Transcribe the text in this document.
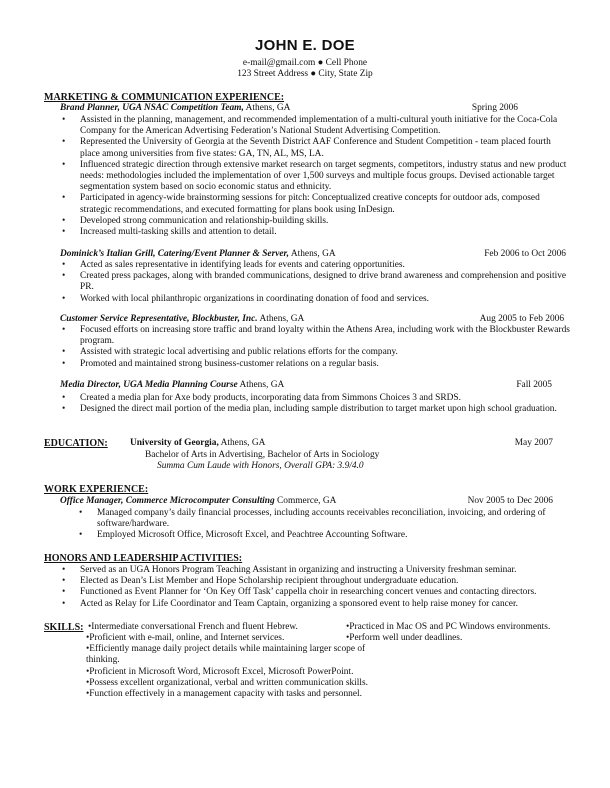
JOHN E. DOE
e-mail@gmail.com ● Cell Phone
123 Street Address ● City, State Zip
MARKETING & COMMUNICATION EXPERIENCE:
Brand Planner, UGA NSAC Competition Team, Athens, GA	Spring 2006
• Assisted in the planning, management, and recommended implementation of a multi-cultural youth initiative for the Coca-Cola Company for the American Advertising Federation’s National Student Advertising Competition.
• Represented the University of Georgia at the Seventh District AAF Conference and Student Competition - team placed fourth place among universities from five states: GA, TN, AL, MS, LA.
• Influenced strategic direction through extensive market research on target segments, competitors, industry status and new product needs: methodologies included the implementation of over 1,500 surveys and multiple focus groups. Devised actionable target segmentation system based on socio economic status and ethnicity.
• Participated in agency-wide brainstorming sessions for pitch: Conceptualized creative concepts for outdoor ads, composed strategic recommendations, and executed formatting for plans book using InDesign.
• Developed strong communication and relationship-building skills.
• Increased multi-tasking skills and attention to detail.
Dominick’s Italian Grill, Catering/Event Planner & Server, Athens, GA	Feb 2006 to Oct 2006
• Acted as sales representative in identifying leads for events and catering opportunities.
• Created press packages, along with branded communications, designed to drive brand awareness and comprehension and positive PR.
• Worked with local philanthropic organizations in coordinating donation of food and services.
Customer Service Representative, Blockbuster, Inc. Athens, GA	Aug 2005 to Feb 2006
• Focused efforts on increasing store traffic and brand loyalty within the Athens Area, including work with the Blockbuster Rewards program.
• Assisted with strategic local advertising and public relations efforts for the company.
• Promoted and maintained strong business-customer relations on a regular basis.
Media Director, UGA Media Planning Course Athens, GA	Fall 2005
• Created a media plan for Axe body products, incorporating data from Simmons Choices 3 and SRDS.
• Designed the direct mail portion of the media plan, including sample distribution to target market upon high school graduation.
EDUCATION: University of Georgia, Athens, GA	May 2007
Bachelor of Arts in Advertising, Bachelor of Arts in Sociology
Summa Cum Laude with Honors, Overall GPA: 3.9/4.0
WORK EXPERIENCE:
Office Manager, Commerce Microcomputer Consulting Commerce, GA	Nov 2005 to Dec 2006
• Managed company’s daily financial processes, including accounts receivables reconciliation, invoicing, and ordering of software/hardware.
• Employed Microsoft Office, Microsoft Excel, and Peachtree Accounting Software.
HONORS AND LEADERSHIP ACTIVITIES:
• Served as an UGA Honors Program Teaching Assistant in organizing and instructing a University freshman seminar.
• Elected as Dean’s List Member and Hope Scholarship recipient throughout undergraduate education.
• Functioned as Event Planner for ‘On Key Off Task’ cappella choir in researching concert venues and contacting directors.
• Acted as Relay for Life Coordinator and Team Captain, organizing a sponsored event to help raise money for cancer.
SKILLS:
• Intermediate conversational French and fluent Hebrew.
• Proficient with e-mail, online, and Internet services.
• Efficiently manage daily project details while maintaining larger scope of thinking.
• Proficient in Microsoft Word, Microsoft Excel, Microsoft PowerPoint.
• Possess excellent organizational, verbal and written communication skills.
• Function effectively in a management capacity with tasks and personnel.
• Practiced in Mac OS and PC Windows environments.
• Perform well under deadlines.
